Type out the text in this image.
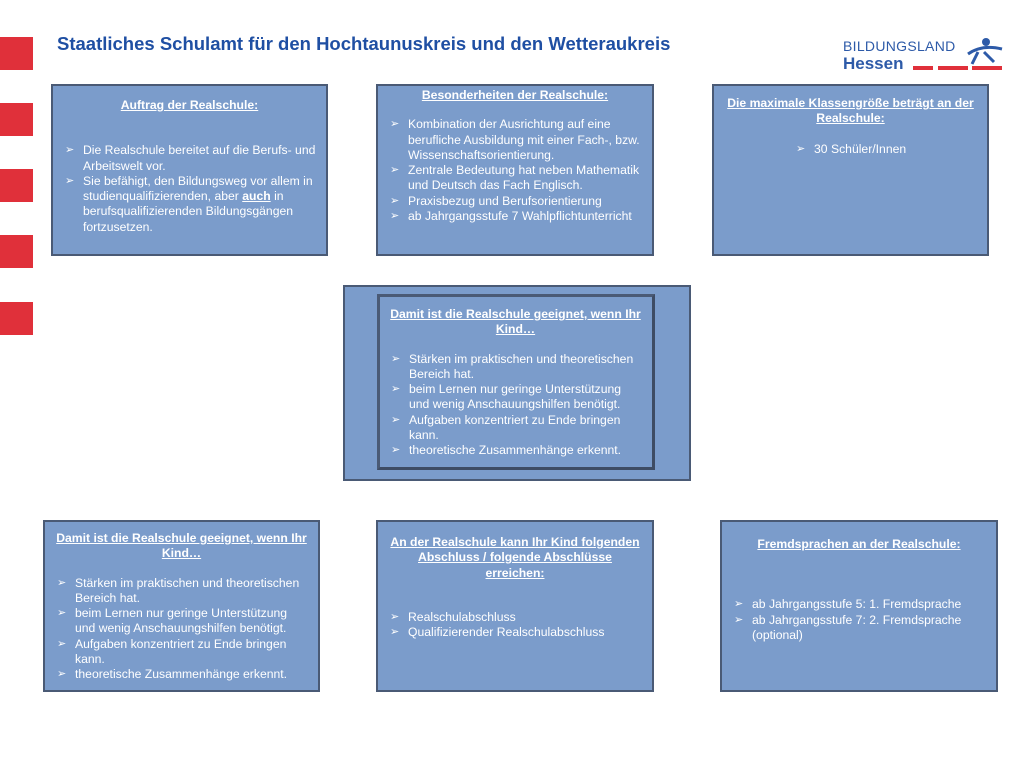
Staatliches Schulamt für den Hochtaunuskreis und den Wetteraukreis	BILDUNGSLAND
Hessen
Auftrag der Realschule:
➢ Die Realschule bereitet auf die Berufs- und Arbeitswelt vor.
➢ Sie befähigt, den Bildungsweg vor allem in studienqualifizierenden, aber auch in berufsqualifizierenden Bildungsgängen fortzusetzen.
Besonderheiten der Realschule:
➢ Kombination der Ausrichtung auf eine berufliche Ausbildung mit einer Fach-, bzw. Wissenschaftsorientierung.
➢ Zentrale Bedeutung hat neben Mathematik und Deutsch das Fach Englisch.
➢ Praxisbezug und Berufsorientierung
➢ ab Jahrgangsstufe 7 Wahlpflichtunterricht
Die maximale Klassengröße beträgt an der Realschule:
➢ 30 Schüler/Innen
Damit ist die Realschule geeignet, wenn Ihr Kind…
➢ Stärken im praktischen und theoretischen Bereich hat.
➢ beim Lernen nur geringe Unterstützung und wenig Anschauungshilfen benötigt.
➢ Aufgaben konzentriert zu Ende bringen kann.
➢ theoretische Zusammenhänge erkennt.
Damit ist die Realschule geeignet, wenn Ihr Kind…
➢ Stärken im praktischen und theoretischen Bereich hat.
➢ beim Lernen nur geringe Unterstützung und wenig Anschauungshilfen benötigt.
➢ Aufgaben konzentriert zu Ende bringen kann.
➢ theoretische Zusammenhänge erkennt.
An der Realschule kann Ihr Kind folgenden Abschluss / folgende Abschlüsse erreichen:
➢ Realschulabschluss
➢ Qualifizierender Realschulabschluss
Fremdsprachen an der Realschule:
➢ ab Jahrgangsstufe 5: 1. Fremdsprache
➢ ab Jahrgangsstufe 7: 2. Fremdsprache (optional)
